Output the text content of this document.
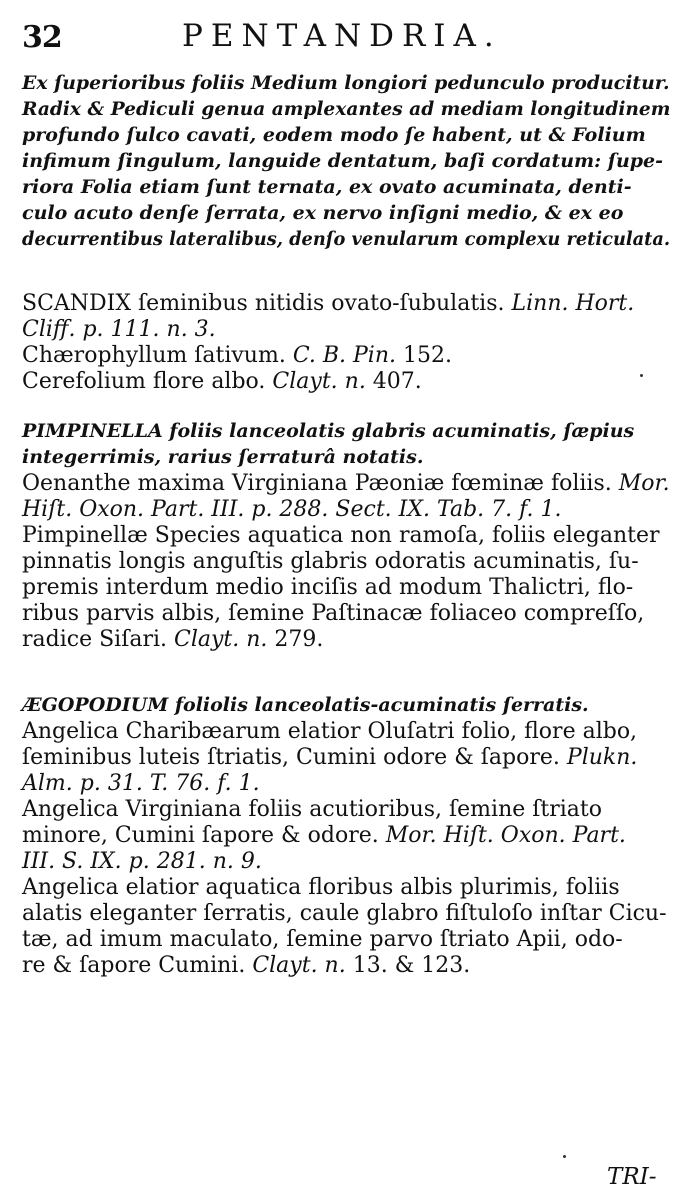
32	PENTANDRIA.
Ex ſuperioribus foliis Medium longiori pedunculo producitur.
Radix & Pediculi genua amplexantes ad mediam longitudinem
profundo ſulco cavati, eodem modo ſe habent, ut & Folium
infimum ſingulum, languide dentatum, baſi cordatum: ſupe-
riora Folia etiam ſunt ternata, ex ovato acuminata, denti-
culo acuto denſe ſerrata, ex nervo inſigni medio, & ex eo
decurrentibus lateralibus, denſo venularum complexu reticulata.
SCANDIX ſeminibus nitidis ovato-ſubulatis. Linn. Hort.
Cliff. p. 111. n. 3.
Chærophyllum ſativum. C. B. Pin. 152.
Cerefolium flore albo. Clayt. n. 407.
PIMPINELLA foliis lanceolatis glabris acuminatis, ſæpius
integerrimis, rarius ſerraturâ notatis.
Oenanthe maxima Virginiana Pæoniæ fœminæ foliis. Mor.
Hiſt. Oxon. Part. III. p. 288. Sect. IX. Tab. 7. f. 1.
Pimpinellæ Species aquatica non ramoſa, foliis eleganter
pinnatis longis anguſtis glabris odoratis acuminatis, ſu-
premis interdum medio inciſis ad modum Thalictri, flo-
ribus parvis albis, ſemine Paſtinacæ foliaceo compreſſo,
radice Siſari. Clayt. n. 279.
ÆGOPODIUM foliolis lanceolatis-acuminatis ſerratis.
Angelica Charibæarum elatior Oluſatri folio, flore albo,
ſeminibus luteis ſtriatis, Cumini odore & ſapore. Plukn.
Alm. p. 31. T. 76. f. 1.
Angelica Virginiana foliis acutioribus, ſemine ſtriato
minore, Cumini ſapore & odore. Mor. Hiſt. Oxon. Part.
III. S. IX. p. 281. n. 9.
Angelica elatior aquatica floribus albis plurimis, foliis
alatis eleganter ſerratis, caule glabro fiſtuloſo inſtar Cicu-
tæ, ad imum maculato, ſemine parvo ſtriato Apii, odo-
re & ſapore Cumini. Clayt. n. 13. & 123.
TRI-
